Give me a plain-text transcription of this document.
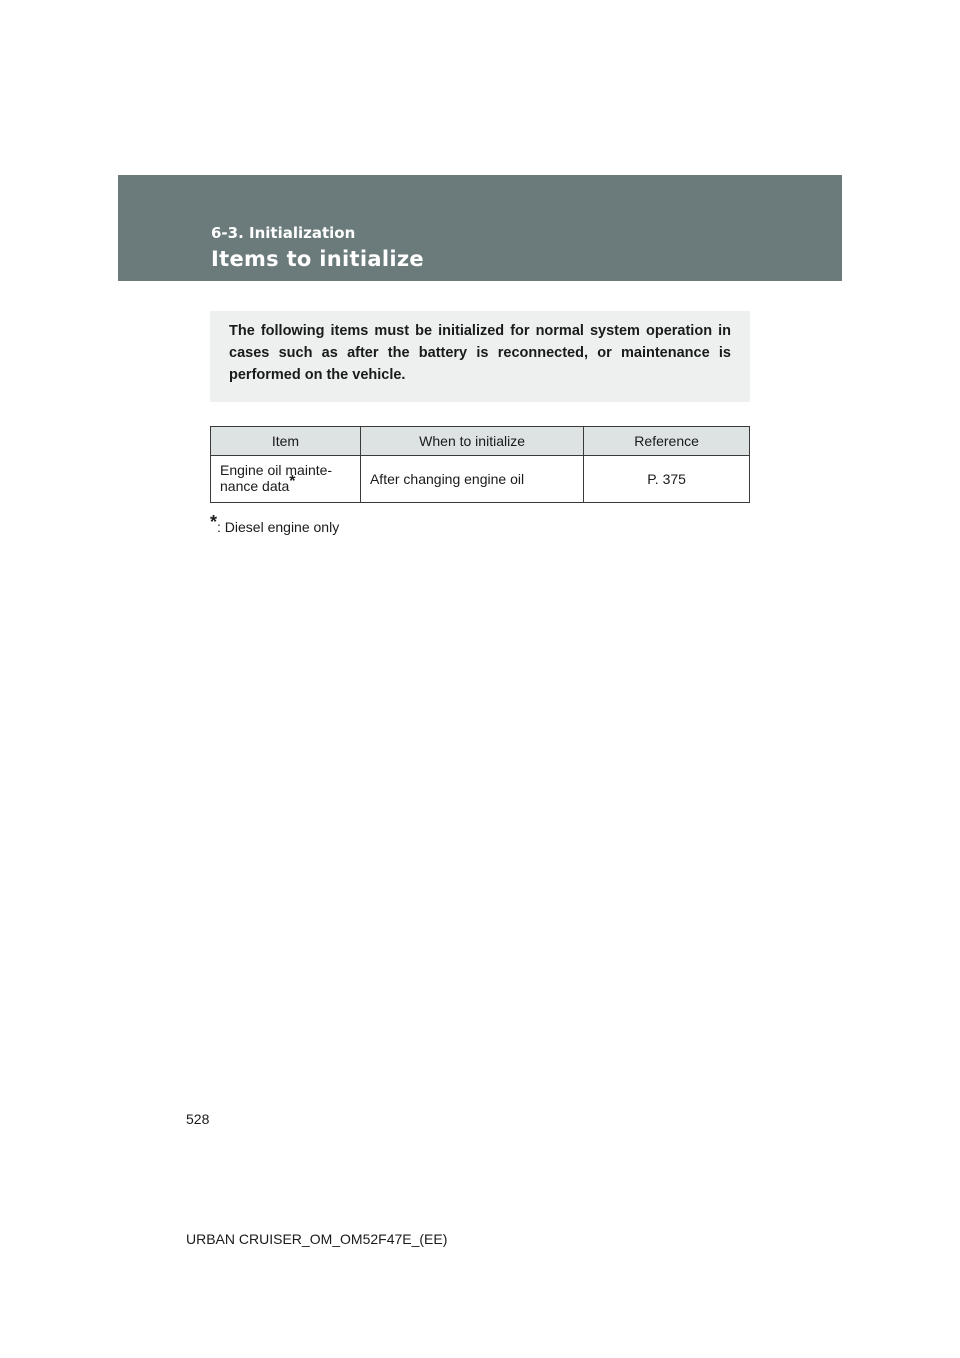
6-3. Initialization
Items to initialize
The following items must be initialized for normal system operation in cases such as after the battery is reconnected, or maintenance is performed on the vehicle.
Item	When to initialize	Reference
Engine oil mainte-
nance data*	After changing engine oil	P. 375
*: Diesel engine only
528
URBAN CRUISER_OM_OM52F47E_(EE)
